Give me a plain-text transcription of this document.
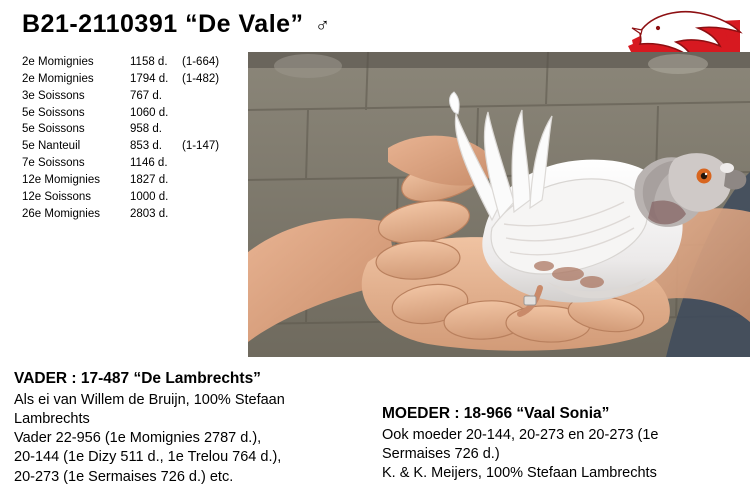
B21-2110391 “De Vale” ♂
2e Momignies	1158 d.	(1-664)
2e Momignies	1794 d.	(1-482)
3e Soissons	767 d.	
5e Soissons	1060 d.	
5e Soissons	958 d.	
5e Nanteuil	853 d.	(1-147)
7e Soissons	1146 d.	
12e Momignies	1827 d.	
12e Soissons	1000 d.	
26e Momignies	2803 d.	
VADER : 17-487 “De Lambrechts”
Als ei van Willem de Bruijn, 100% Stefaan
Lambrechts
Vader 22-956 (1e Momignies 2787 d.),
20-144 (1e Dizy 511 d., 1e Trelou 764 d.),
20-273 (1e Sermaises 726 d.) etc.
MOEDER : 18-966 “Vaal Sonia”
Ook moeder 20-144, 20-273 en 20-273 (1e
Sermaises 726 d.)
K. & K. Meijers, 100% Stefaan Lambrechts
